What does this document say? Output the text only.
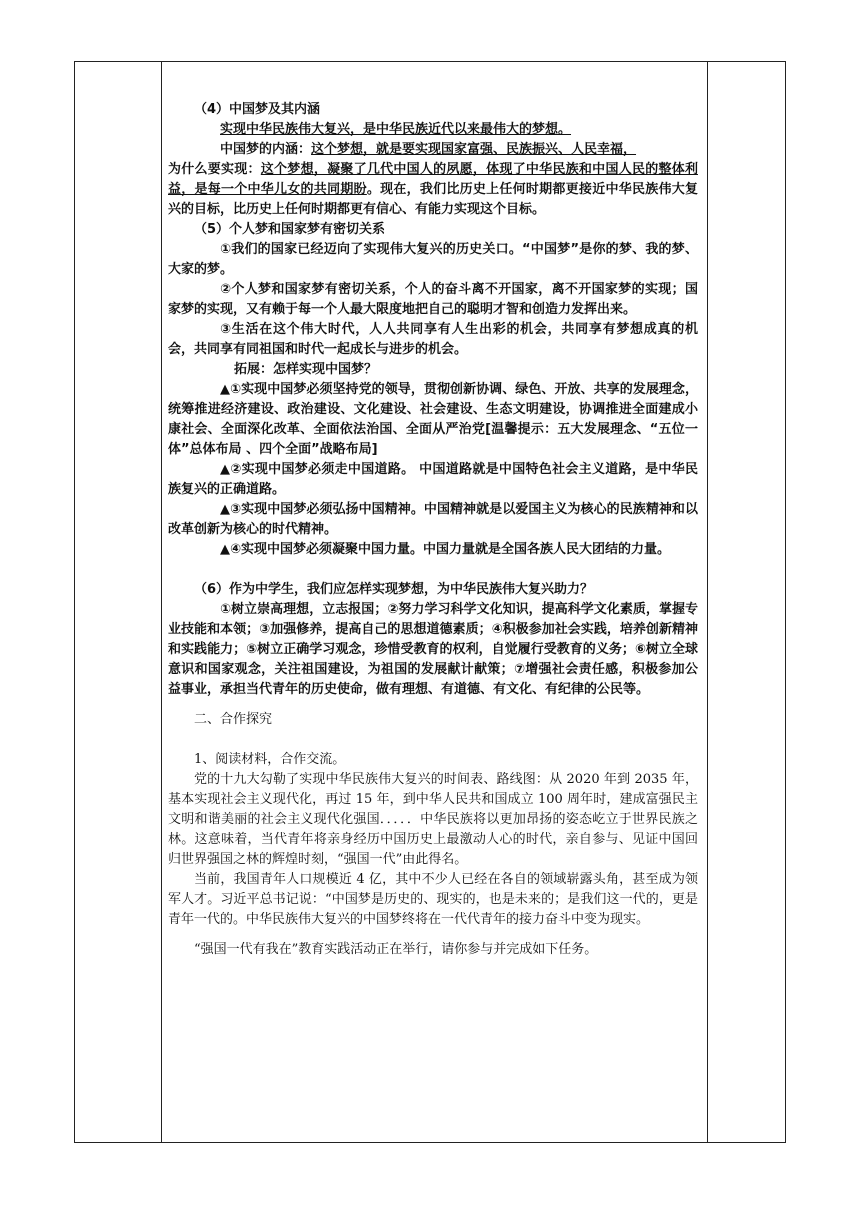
（4）中国梦及其内涵

实现中华民族伟大复兴，是中华民族近代以来最伟大的梦想。

中国梦的内涵：这个梦想，就是要实现国家富强、民族振兴、人民幸福，

为什么要实现：这个梦想，凝聚了几代中国人的夙愿，体现了中华民族和中国人民的整体利益，是每一个中华儿女的共同期盼。现在，我们比历史上任何时期都更接近中华民族伟大复兴的目标，比历史上任何时期都更有信心、有能力实现这个目标。

（5）个人梦和国家梦有密切关系

①我们的国家已经迈向了实现伟大复兴的历史关口。“中国梦”是你的梦、我的梦、大家的梦。

②个人梦和国家梦有密切关系，个人的奋斗离不开国家，离不开国家梦的实现；国家梦的实现，又有赖于每一个人最大限度地把自己的聪明才智和创造力发挥出来。

③生活在这个伟大时代，人人共同享有人生出彩的机会，共同享有梦想成真的机会，共同享有同祖国和时代一起成长与进步的机会。

拓展：怎样实现中国梦？

▲①实现中国梦必须坚持党的领导，贯彻创新协调、绿色、开放、共享的发展理念，统筹推进经济建设、政治建设、文化建设、社会建设、生态文明建设，协调推进全面建成小康社会、全面深化改革、全面依法治国、全面从严治党[温馨提示：五大发展理念、“五位一体”总体布局 、四个全面”战略布局]

▲②实现中国梦必须走中国道路。 中国道路就是中国特色社会主义道路，是中华民族复兴的正确道路。

▲③实现中国梦必须弘扬中国精神。中国精神就是以爱国主义为核心的民族精神和以改革创新为核心的时代精神。

▲④实现中国梦必须凝聚中国力量。中国力量就是全国各族人民大团结的力量。

（6）作为中学生，我们应怎样实现梦想，为中华民族伟大复兴助力？

①树立崇高理想，立志报国；②努力学习科学文化知识，提高科学文化素质，掌握专业技能和本领；③加强修养，提高自己的思想道德素质；④积极参加社会实践，培养创新精神和实践能力；⑤树立正确学习观念，珍惜受教育的权利，自觉履行受教育的义务；⑥树立全球意识和国家观念，关注祖国建设，为祖国的发展献计献策；⑦增强社会责任感，积极参加公益事业，承担当代青年的历史使命，做有理想、有道德、有文化、有纪律的公民等。

二、合作探究

1、阅读材料，合作交流。

党的十九大勾勒了实现中华民族伟大复兴的时间表、路线图：从 2020 年到 2035 年，基本实现社会主义现代化，再过 15 年，到中华人民共和国成立 100 周年时，建成富强民主文明和谐美丽的社会主义现代化强国．．．．．中华民族将以更加昂扬的姿态屹立于世界民族之林。这意味着，当代青年将亲身经历中国历史上最激动人心的时代，亲自参与、见证中国回归世界强国之林的辉煌时刻，“强国一代”由此得名。

当前，我国青年人口规模近 4 亿，其中不少人已经在各自的领域崭露头角，甚至成为领军人才。习近平总书记说：“中国梦是历史的、现实的，也是未来的；是我们这一代的，更是青年一代的。中华民族伟大复兴的中国梦终将在一代代青年的接力奋斗中变为现实。

“强国一代有我在”教育实践活动正在举行，请你参与并完成如下任务。
